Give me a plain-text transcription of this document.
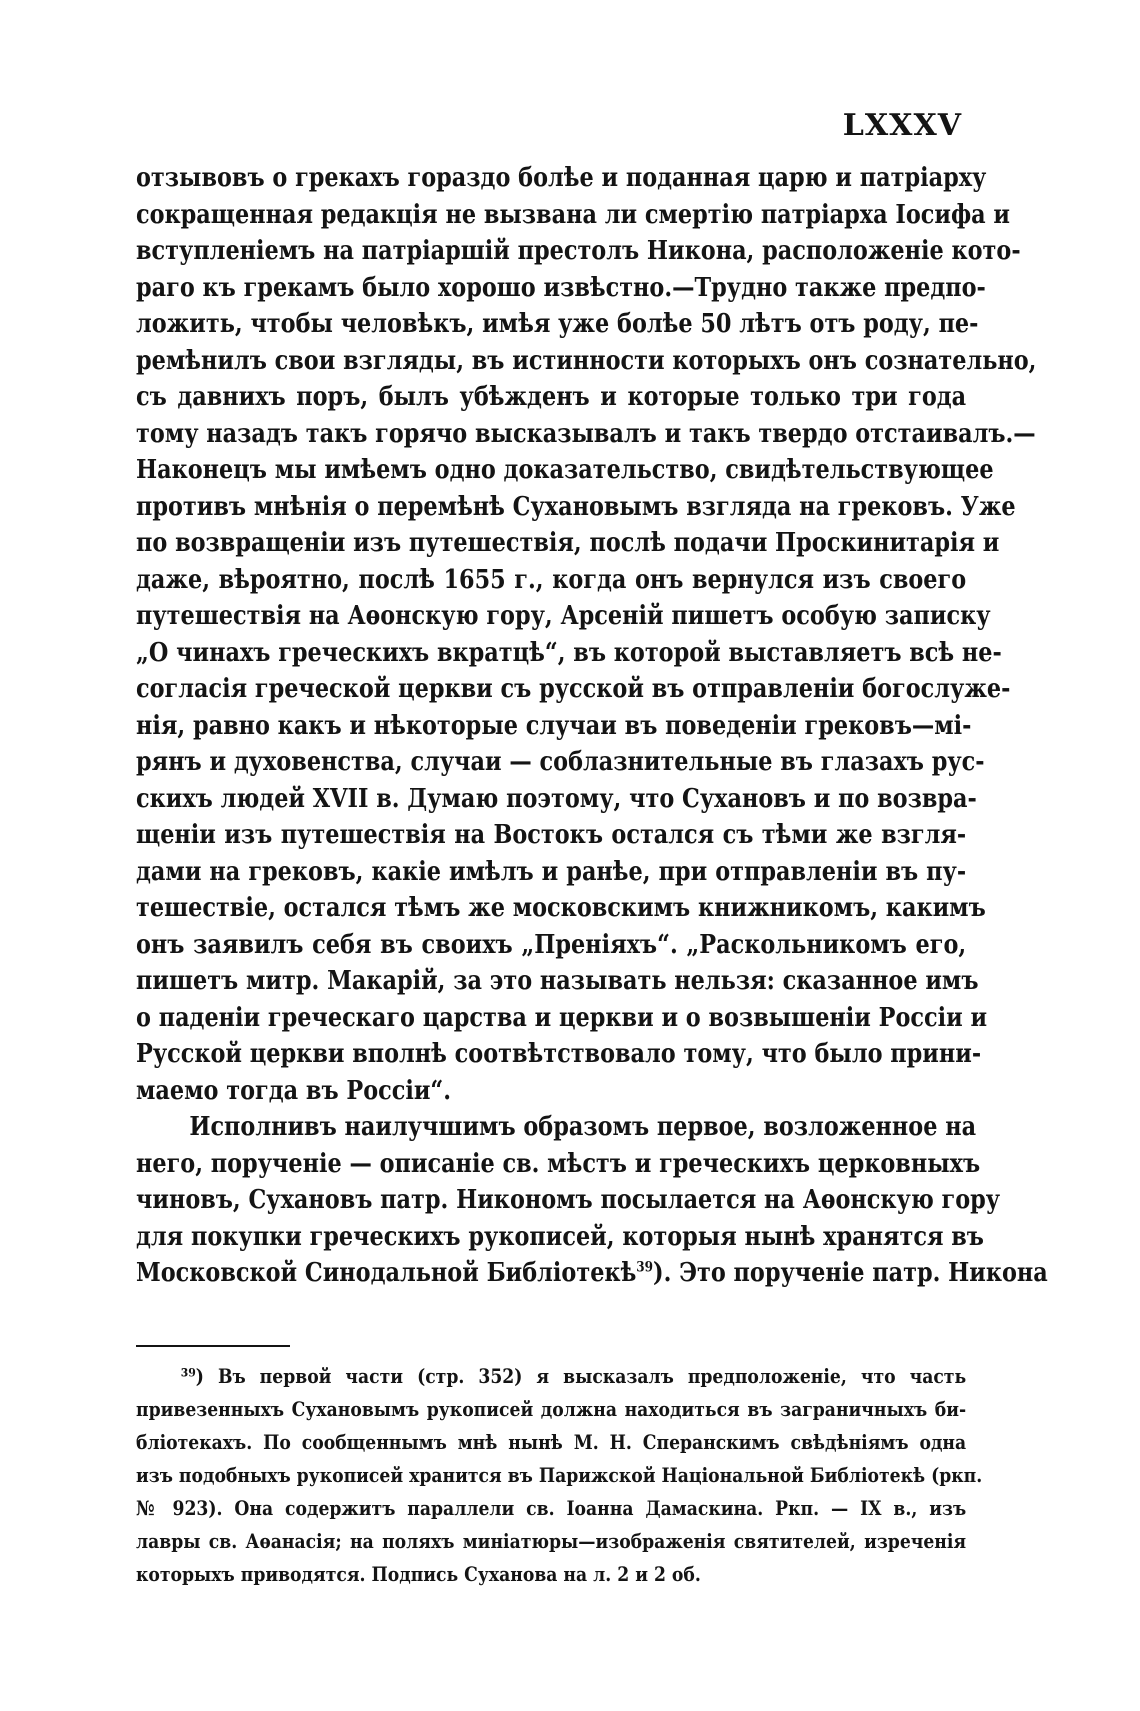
LXXXV
отзывовъ о грекахъ гораздо болѣе и поданная царю и патріарху
сокращенная редакція не вызвана ли смертію патріарха Іосифа и
вступленіемъ на патріаршій престолъ Никона, расположеніе кото-
раго къ грекамъ было хорошо извѣстно.—Трудно также предпо-
ложить, чтобы человѣкъ, имѣя уже болѣе 50 лѣтъ отъ роду, пе-
ремѣнилъ свои взгляды, въ истинности которыхъ онъ сознательно,
съ давнихъ поръ, былъ убѣжденъ и которые только три года
тому назадъ такъ горячо высказывалъ и такъ твердо отстаивалъ.—
Наконецъ мы имѣемъ одно доказательство, свидѣтельствующее
противъ мнѣнія о перемѣнѣ Сухановымъ взгляда на грековъ. Уже
по возвращеніи изъ путешествія, послѣ подачи Проскинитарія и
даже, вѣроятно, послѣ 1655 г., когда онъ вернулся изъ своего
путешествія на Аѳонскую гору, Арсеній пишетъ особую записку
„О чинахъ греческихъ вкратцѣ“, въ которой выставляетъ всѣ не-
согласія греческой церкви съ русской въ отправленіи богослуже-
нія, равно какъ и нѣкоторые случаи въ поведеніи грековъ—мі-
рянъ и духовенства, случаи — соблазнительные въ глазахъ рус-
скихъ людей XVII в. Думаю поэтому, что Сухановъ и по возвра-
щеніи изъ путешествія на Востокъ остался съ тѣми же взгля-
дами на грековъ, какіе имѣлъ и ранѣе, при отправленіи въ пу-
тешествіе, остался тѣмъ же московскимъ книжникомъ, какимъ
онъ заявилъ себя въ своихъ „Преніяхъ“. „Раскольникомъ его,
пишетъ митр. Макарій, за это называть нельзя: сказанное имъ
о паденіи греческаго царства и церкви и о возвышеніи Россіи и
Русской церкви вполнѣ соотвѣтствовало тому, что было прини-
маемо тогда въ Россіи“.
Исполнивъ наилучшимъ образомъ первое, возложенное на
него, порученіе — описаніе св. мѣстъ и греческихъ церковныхъ
чиновъ, Сухановъ патр. Никономъ посылается на Аѳонскую гору
для покупки греческихъ рукописей, которыя нынѣ хранятся въ
Московской Синодальной Библіотекѣ$^{39}$). Это порученіе патр. Никона
³⁹) Въ первой части (стр. 352) я высказалъ предположеніе, что часть
привезенныхъ Сухановымъ рукописей должна находиться въ заграничныхъ би-
бліотекахъ. По сообщеннымъ мнѣ нынѣ М. Н. Сперанскимъ свѣдѣніямъ одна
изъ подобныхъ рукописей хранится въ Парижской Національной Библіотекѣ (ркп.
№ 923). Она содержитъ параллели св. Іоанна Дамаскина. Ркп. — IX в., изъ
лавры св. Аѳанасія; на поляхъ миніатюры—изображенія святителей, изреченія
которыхъ приводятся. Подпись Суханова на л. 2 и 2 об.
